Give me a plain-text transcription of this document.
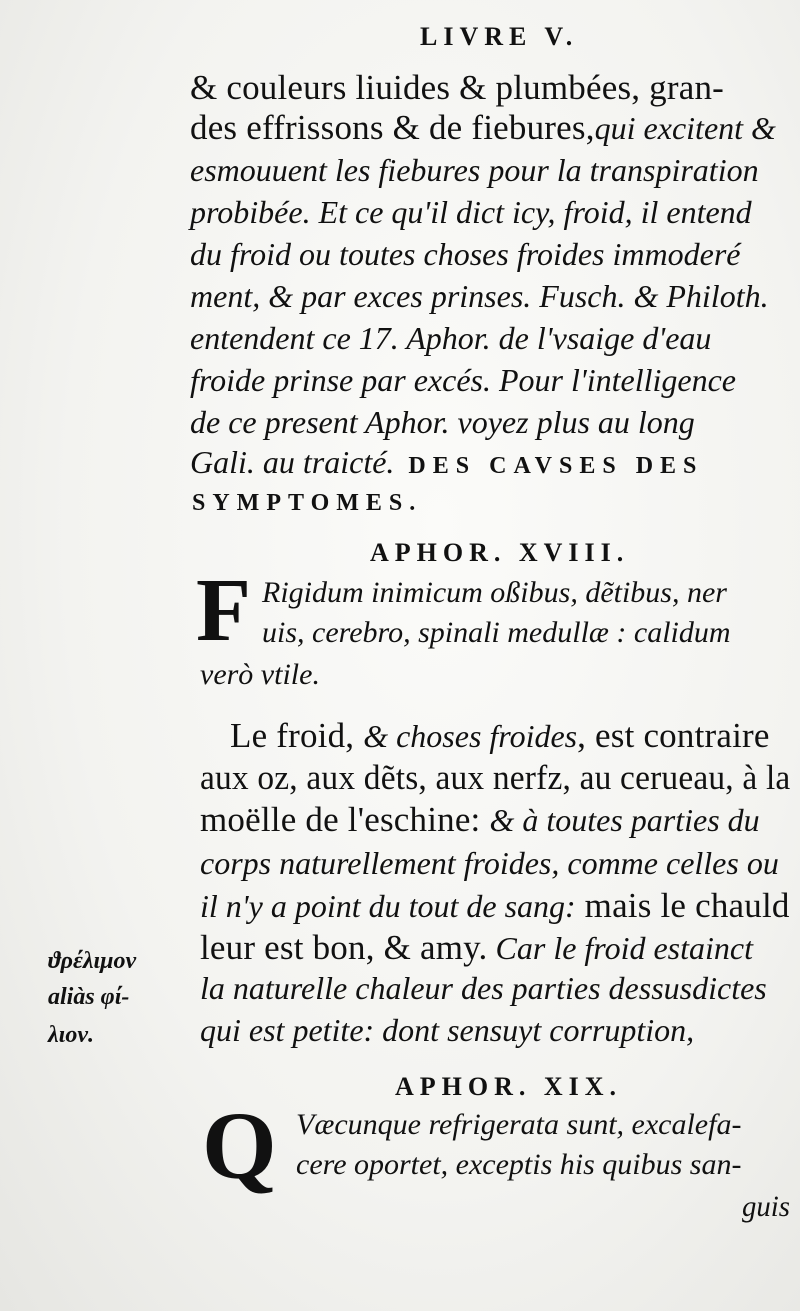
LIVRE V.
& couleurs liuides & plumbées, gran-
des effrissons & de fiebures,qui excitent &
esmouuent les fiebures pour la transpiration
probibée. Et ce qu'il dict icy, froid, il entend
du froid ou toutes choses froides immoderé
ment, & par exces prinses. Fusch. & Philoth.
entendent ce 17. Aphor. de l'vsaige d'eau
froide prinse par excés. Pour l'intelligence
de ce present Aphor. voyez plus au long
Gali. au traicté. DES CAVSES DES
SYMPTOMES.
APHOR. XVIII.
F Rigidum inimicum oßibus, dẽtibus, ner
uis, cerebro, spinali medullæ : calidum
verò vtile.
Le froid, & choses froides, est contraire
aux oz, aux dẽts, aux nerfz, au cerueau, à la
moëlle de l'eschine: & à toutes parties du
corps naturellement froides, comme celles ou
il n'y a point du tout de sang: mais le chauld
leur est bon, & amy. Car le froid estainct
la naturelle chaleur des parties dessusdictes
qui est petite: dont sensuyt corruption,
ϑρέλιμον
aliàs φί-
λιον.
APHOR. XIX.
Q Væcunque refrigerata sunt, excalefa-
cere oportet, exceptis his quibus san-
guis
